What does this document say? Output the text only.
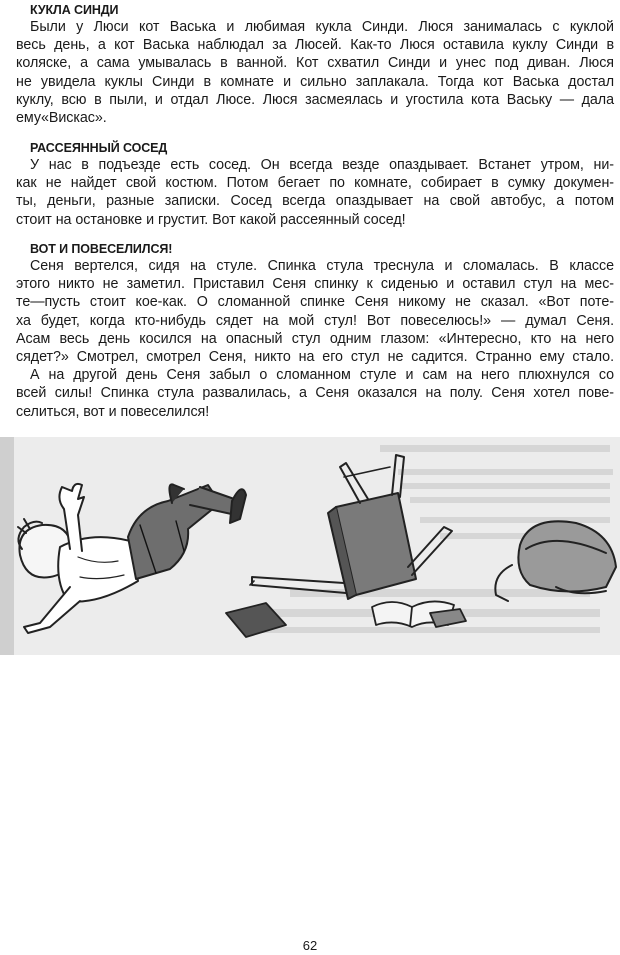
КУКЛА СИНДИ
Были у Люси кот Васька и любимая кукла Синди. Люся занималась с куклой
весь день, а кот Васька наблюдал за Люсей. Как-то Люся оставила куклу Синди в
коляске, а сама умывалась в ванной. Кот схватил Синди и унес под диван. Люся
не увидела куклы Синди в комнате и сильно заплакала. Тогда кот Васька достал
куклу, всю в пыли, и отдал Люсе. Люся засмеялась и угостила кота Ваську — дала
ему«Вискас».
РАССЕЯННЫЙ СОСЕД
У нас в подъезде есть сосед. Он всегда везде опаздывает. Встанет утром, ни-
как не найдет свой костюм. Потом бегает по комнате, собирает в сумку докумен-
ты, деньги, разные записки. Сосед всегда опаздывает на свой автобус, а потом
стоит на остановке и грустит. Вот какой рассеянный сосед!
ВОТ И ПОВЕСЕЛИЛСЯ!
Сеня вертелся, сидя на стуле. Спинка стула треснула и сломалась. В классе
этого никто не заметил. Приставил Сеня спинку к сиденью и оставил стул на мес-
те—пусть стоит кое-как. О сломанной спинке Сеня никому не сказал. «Вот поте-
ха будет, когда кто-нибудь сядет на мой стул! Вот повеселюсь!» — думал Сеня.
Асам весь день косился на опасный стул одним глазом: «Интересно, кто на него
сядет?» Смотрел, смотрел Сеня, никто на его стул не садится. Странно ему стало.
А на другой день Сеня забыл о сломанном стуле и сам на него плюхнулся со
всей силы! Спинка стула развалилась, а Сеня оказался на полу. Сеня хотел пове-
селиться, вот и повеселился!
62
